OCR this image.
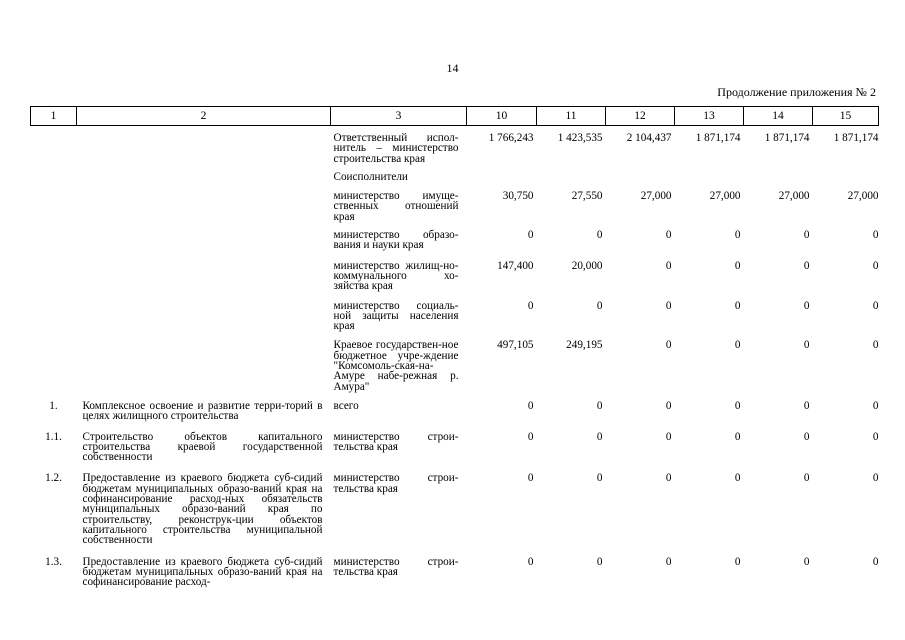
14
Продолжение приложения № 2
1	2	3	10	11	12	13	14	15
		Ответственный испол-нитель – министерство строительства края	1 766,243	1 423,535	2 104,437	1 871,174	1 871,174	1 871,174
		Соисполнители						
		министерство имуще-ственных отношений края	30,750	27,550	27,000	27,000	27,000	27,000
		министерство образо-вания и науки края	0	0	0	0	0	0
		министерство жилищ-но-коммунального хо-зяйства края	147,400	20,000	0	0	0	0
		министерство социаль-ной защиты населения края	0	0	0	0	0	0
		Краевое государствен-ное бюджетное учре-ждение "Комсомоль-ская-на-Амуре набе-режная р. Амура"	497,105	249,195	0	0	0	0
1.	Комплексное освоение и развитие терри-торий в целях жилищного строительства	всего	0	0	0	0	0	0
1.1.	Строительство объектов капитального строительства краевой государственной собственности	министерство строи-тельства края	0	0	0	0	0	0
1.2.	Предоставление из краевого бюджета суб-сидий бюджетам муниципальных образо-ваний края на софинансирование расход-ных обязательств муниципальных образо-ваний края по строительству, реконструк-ции объектов капитального строительства муниципальной собственности	министерство строи-тельства края	0	0	0	0	0	0
1.3.	Предоставление из краевого бюджета суб-сидий бюджетам муниципальных образо-ваний края на софинансирование расход-	министерство строи-тельства края	0	0	0	0	0	0
